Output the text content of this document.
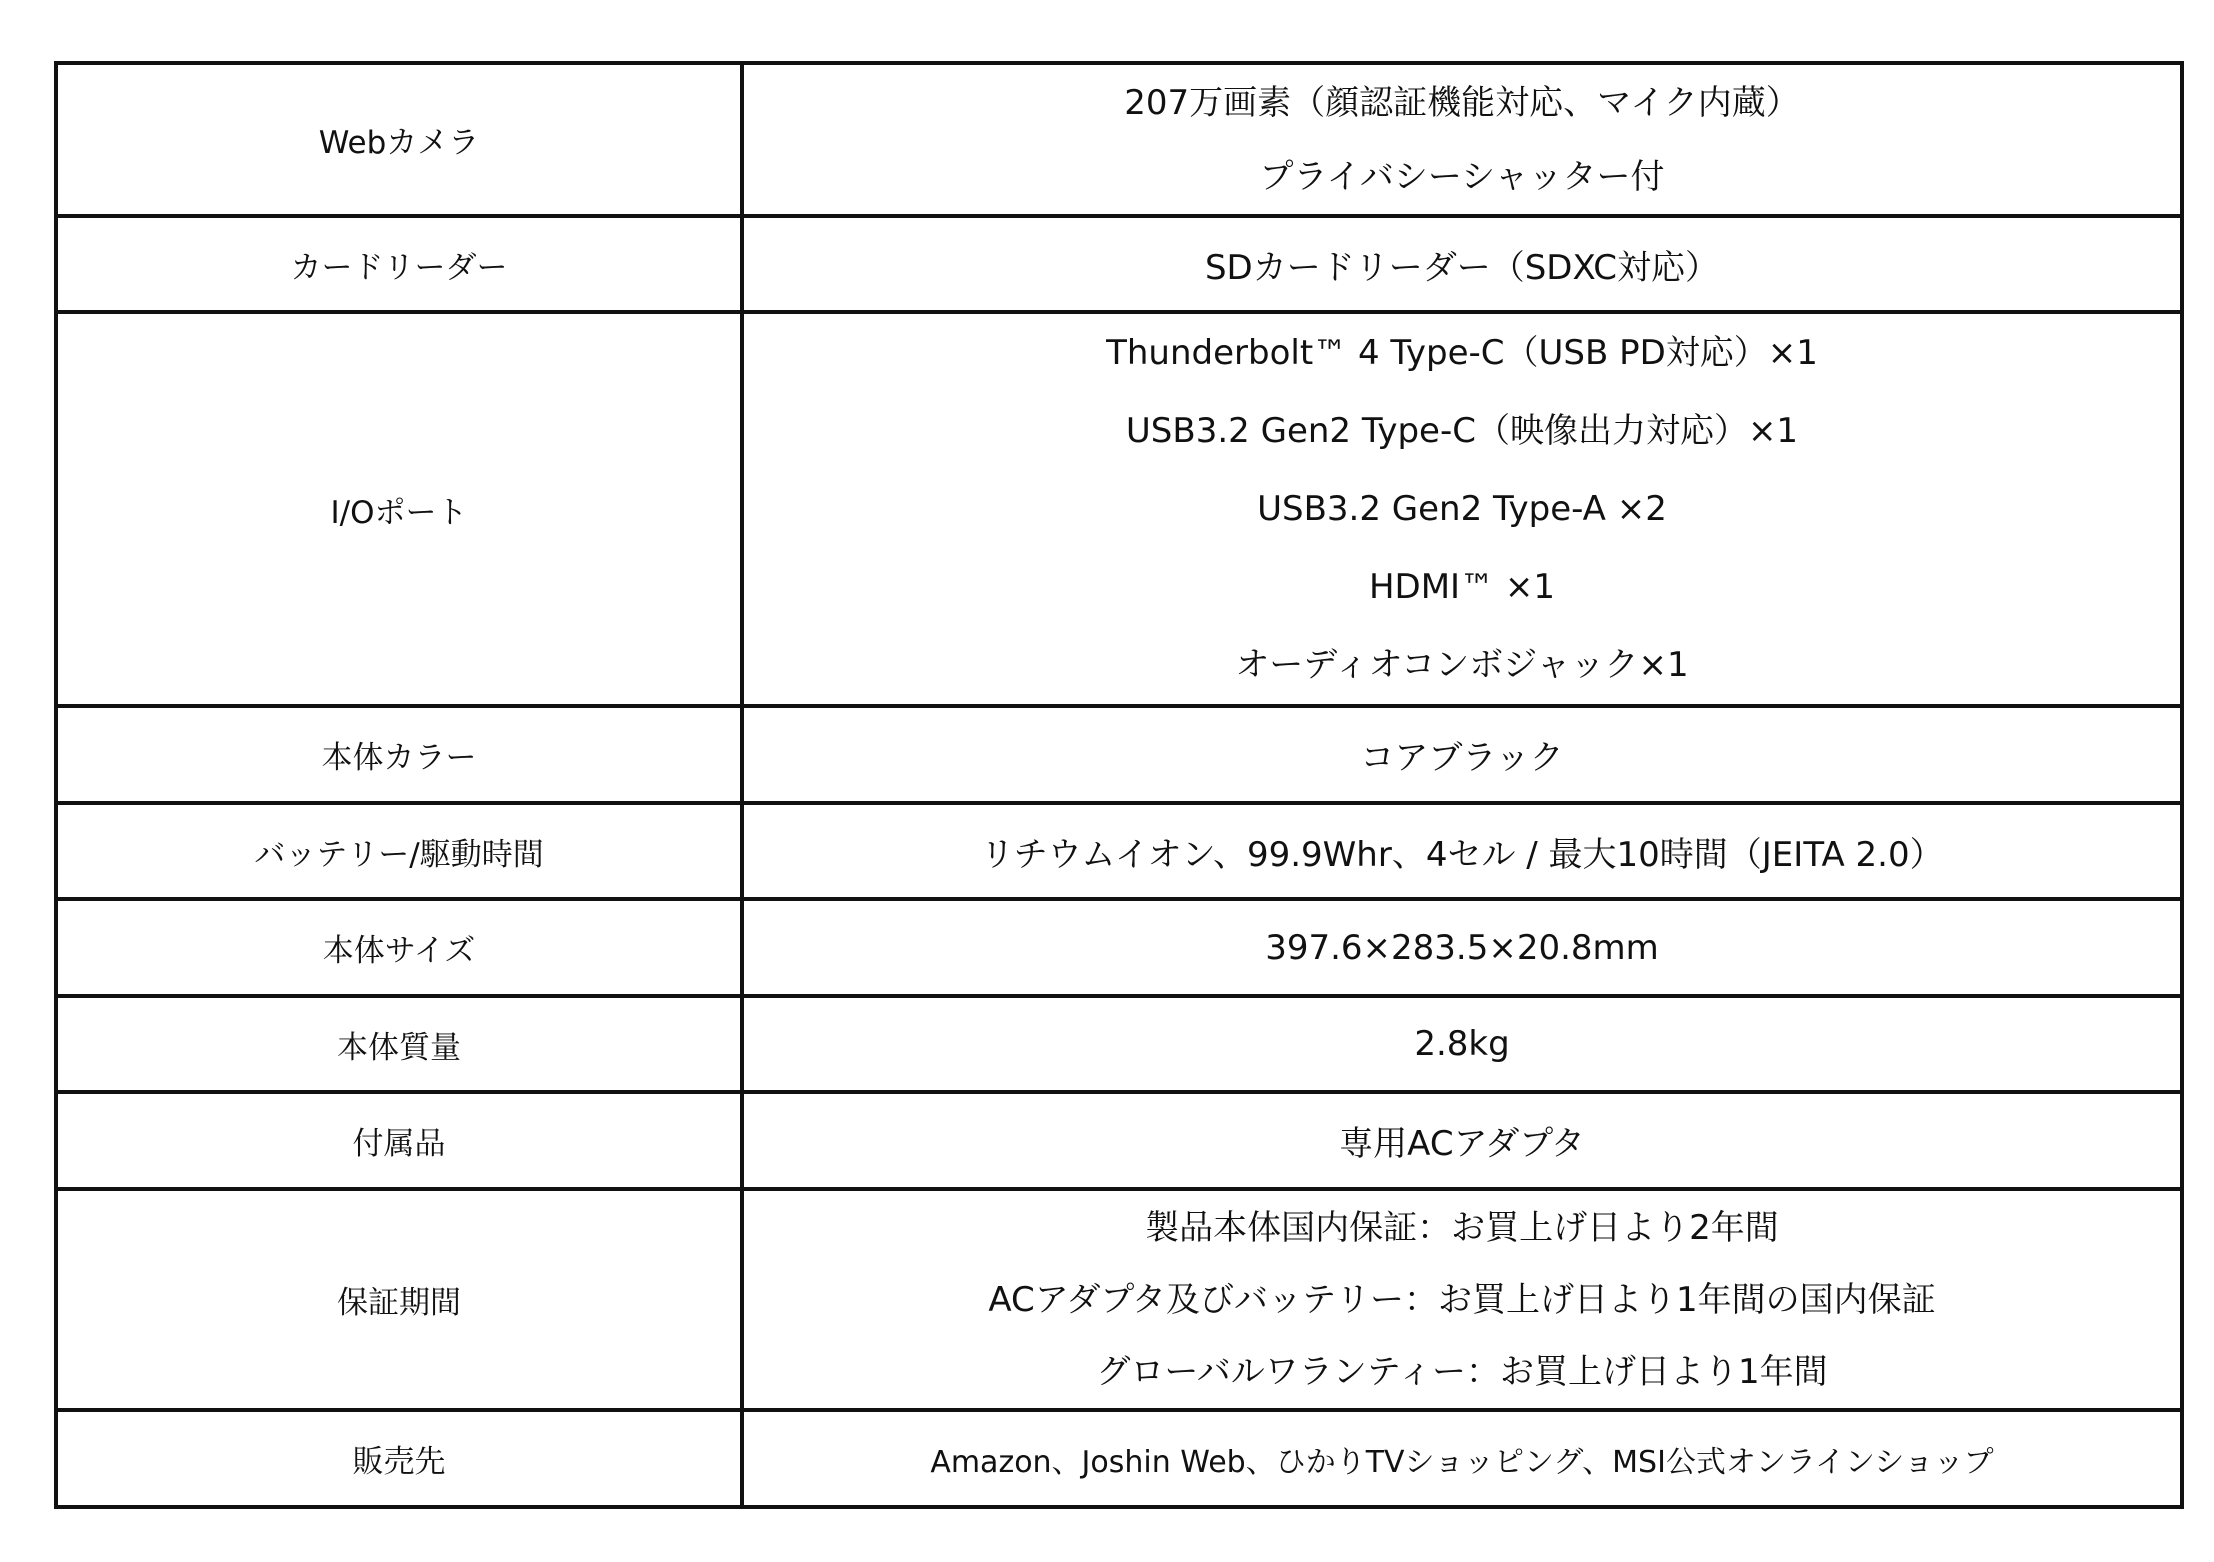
Webカメラ	207万画素（顔認証機能対応、マイク内蔵）
プライバシーシャッター付

カードリーダー	SDカードリーダー（SDXC対応）

I/Oポート	Thunderbolt™ 4 Type-C（USB PD対応）×1
USB3.2 Gen2 Type-C（映像出力対応）×1
USB3.2 Gen2 Type-A ×2
HDMI™ ×1
オーディオコンボジャック×1

本体カラー	コアブラック

バッテリー/駆動時間	リチウムイオン、99.9Whr、4セル / 最大10時間（JEITA 2.0）

本体サイズ	397.6×283.5×20.8mm

本体質量	2.8kg

付属品	専用ACアダプタ

保証期間	製品本体国内保証：お買上げ日より2年間
ACアダプタ及びバッテリー：お買上げ日より1年間の国内保証
グローバルワランティー：お買上げ日より1年間

販売先	Amazon、Joshin Web、ひかりTVショッピング、MSI公式オンラインショップ
